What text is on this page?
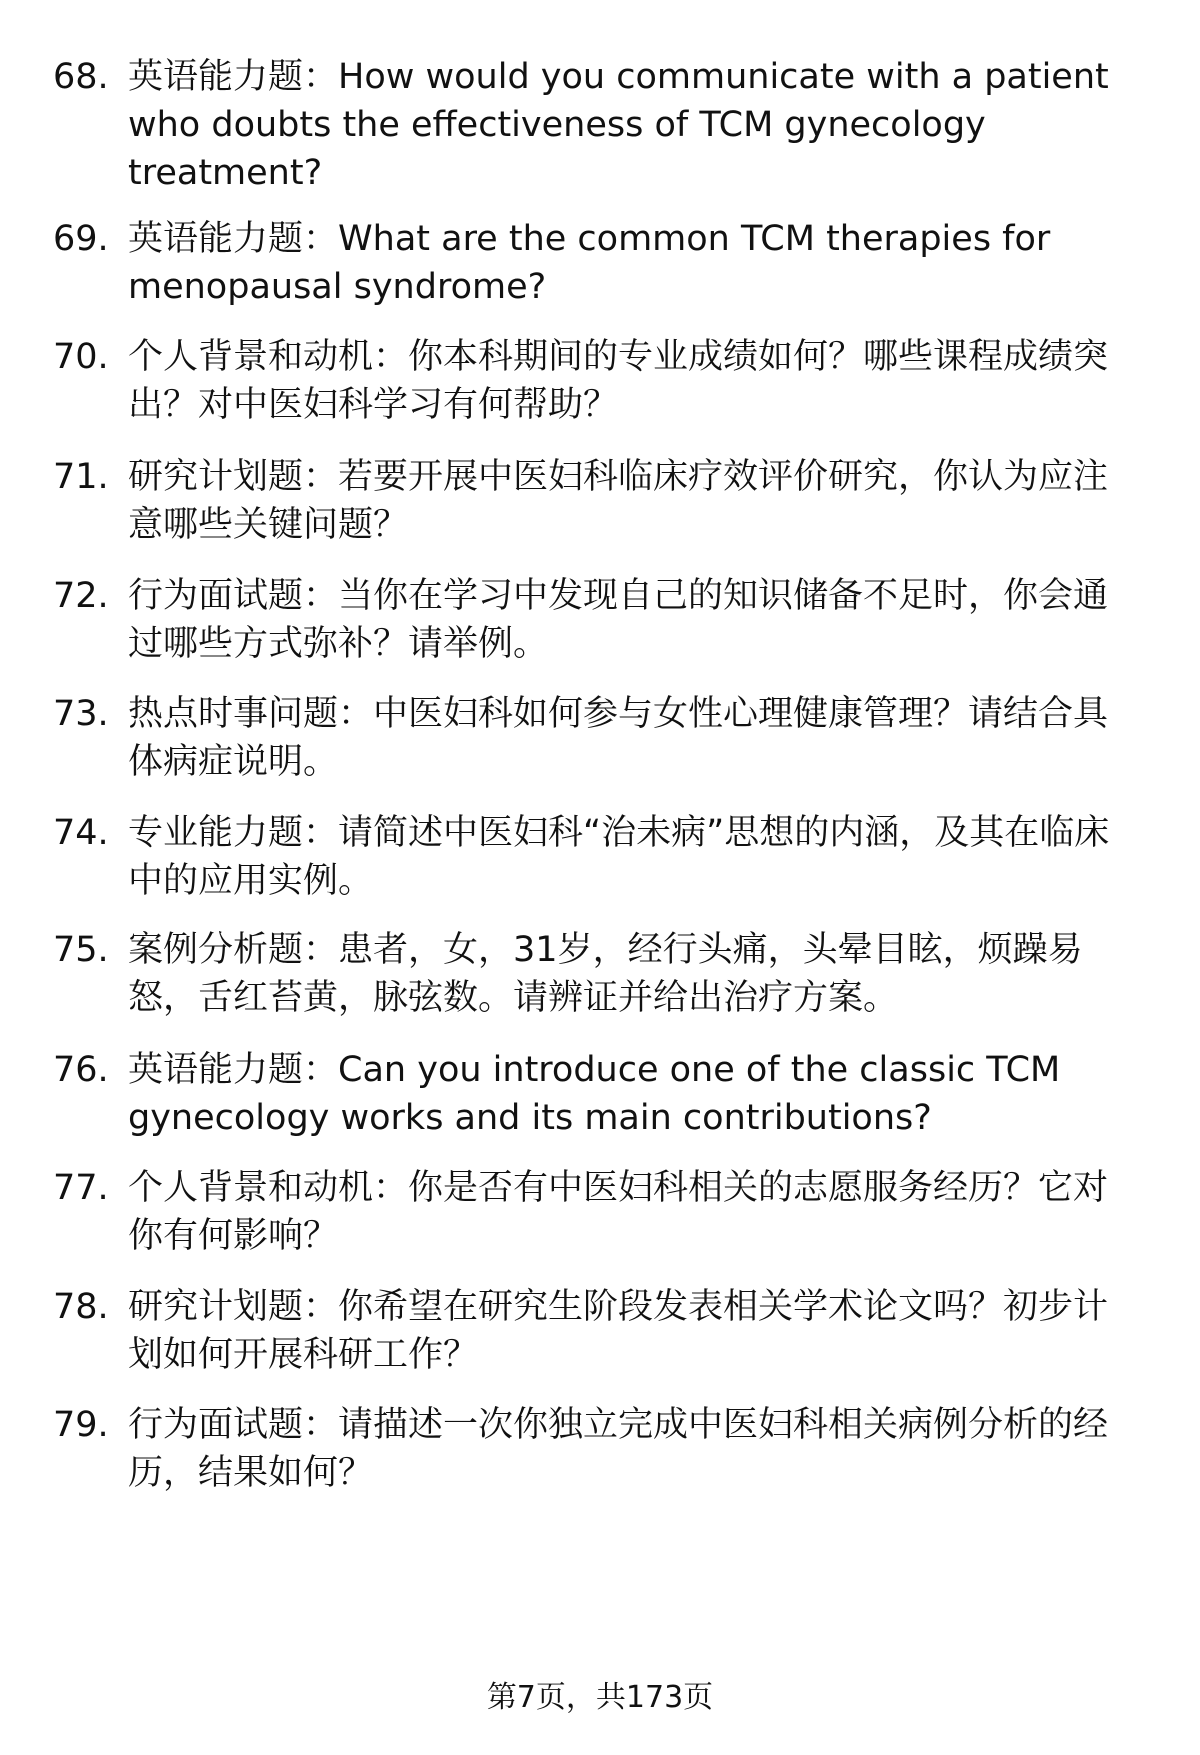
68. 英语能力题：How would you communicate with a patient who doubts the effectiveness of TCM gynecology treatment?

69. 英语能力题：What are the common TCM therapies for menopausal syndrome?

70. 个人背景和动机：你本科期间的专业成绩如何？哪些课程成绩突出？对中医妇科学习有何帮助？

71. 研究计划题：若要开展中医妇科临床疗效评价研究，你认为应注意哪些关键问题？

72. 行为面试题：当你在学习中发现自己的知识储备不足时，你会通过哪些方式弥补？请举例。

73. 热点时事问题：中医妇科如何参与女性心理健康管理？请结合具体病症说明。

74. 专业能力题：请简述中医妇科“治未病”思想的内涵，及其在临床中的应用实例。

75. 案例分析题：患者，女，31岁，经行头痛，头晕目眩，烦躁易怒，舌红苔黄，脉弦数。请辨证并给出治疗方案。

76. 英语能力题：Can you introduce one of the classic TCM gynecology works and its main contributions?

77. 个人背景和动机：你是否有中医妇科相关的志愿服务经历？它对你有何影响？

78. 研究计划题：你希望在研究生阶段发表相关学术论文吗？初步计划如何开展科研工作？

79. 行为面试题：请描述一次你独立完成中医妇科相关病例分析的经历，结果如何？

第7页，共173页
